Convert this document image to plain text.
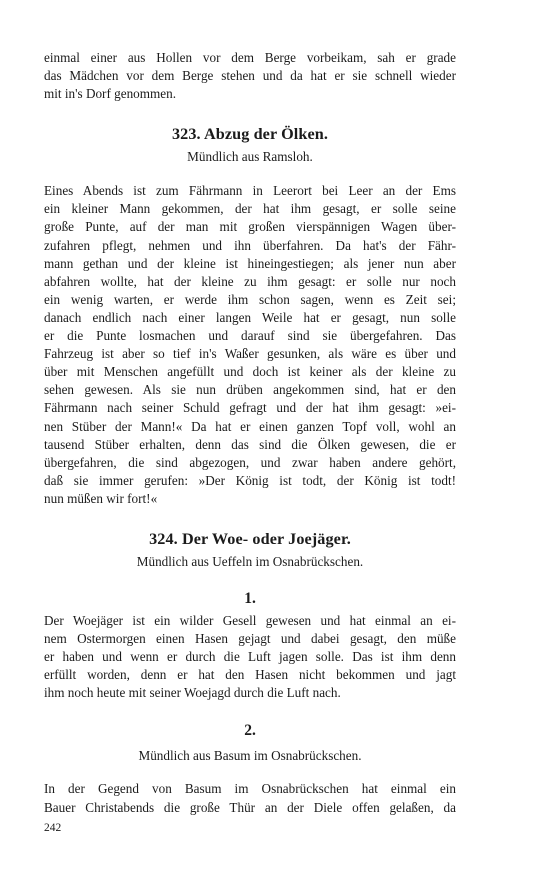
einmal einer aus Hollen vor dem Berge vorbeikam, sah er grade
das Mädchen vor dem Berge stehen und da hat er sie schnell wieder
mit in's Dorf genommen.
323. Abzug der Ölken.

Mündlich aus Ramsloh.

Eines Abends ist zum Fährmann in Leerort bei Leer an der Ems
ein kleiner Mann gekommen, der hat ihm gesagt, er solle seine
große Punte, auf der man mit großen vierspännigen Wagen über-
zufahren pflegt, nehmen und ihn überfahren. Da hat's der Fähr-
mann gethan und der kleine ist hineingestiegen; als jener nun aber
abfahren wollte, hat der kleine zu ihm gesagt: er solle nur noch
ein wenig warten, er werde ihm schon sagen, wenn es Zeit sei;
danach endlich nach einer langen Weile hat er gesagt, nun solle
er die Punte losmachen und darauf sind sie übergefahren. Das
Fahrzeug ist aber so tief in's Waßer gesunken, als wäre es über und
über mit Menschen angefüllt und doch ist keiner als der kleine zu
sehen gewesen. Als sie nun drüben angekommen sind, hat er den
Fährmann nach seiner Schuld gefragt und der hat ihm gesagt: »ei-
nen Stüber der Mann!« Da hat er einen ganzen Topf voll, wohl an
tausend Stüber erhalten, denn das sind die Ölken gewesen, die er
übergefahren, die sind abgezogen, und zwar haben andere gehört,
daß sie immer gerufen: »Der König ist todt, der König ist todt!
nun müßen wir fort!«
324. Der Woe- oder Joejäger.

Mündlich aus Ueffeln im Osnabrückschen.

1.

Der Woejäger ist ein wilder Gesell gewesen und hat einmal an ei-
nem Ostermorgen einen Hasen gejagt und dabei gesagt, den müße
er haben und wenn er durch die Luft jagen solle. Das ist ihm denn
erfüllt worden, denn er hat den Hasen nicht bekommen und jagt
ihm noch heute mit seiner Woejagd durch die Luft nach.

2.

Mündlich aus Basum im Osnabrückschen.

In der Gegend von Basum im Osnabrückschen hat einmal ein
Bauer Christabends die große Thür an der Diele offen gelaßen, da
242
